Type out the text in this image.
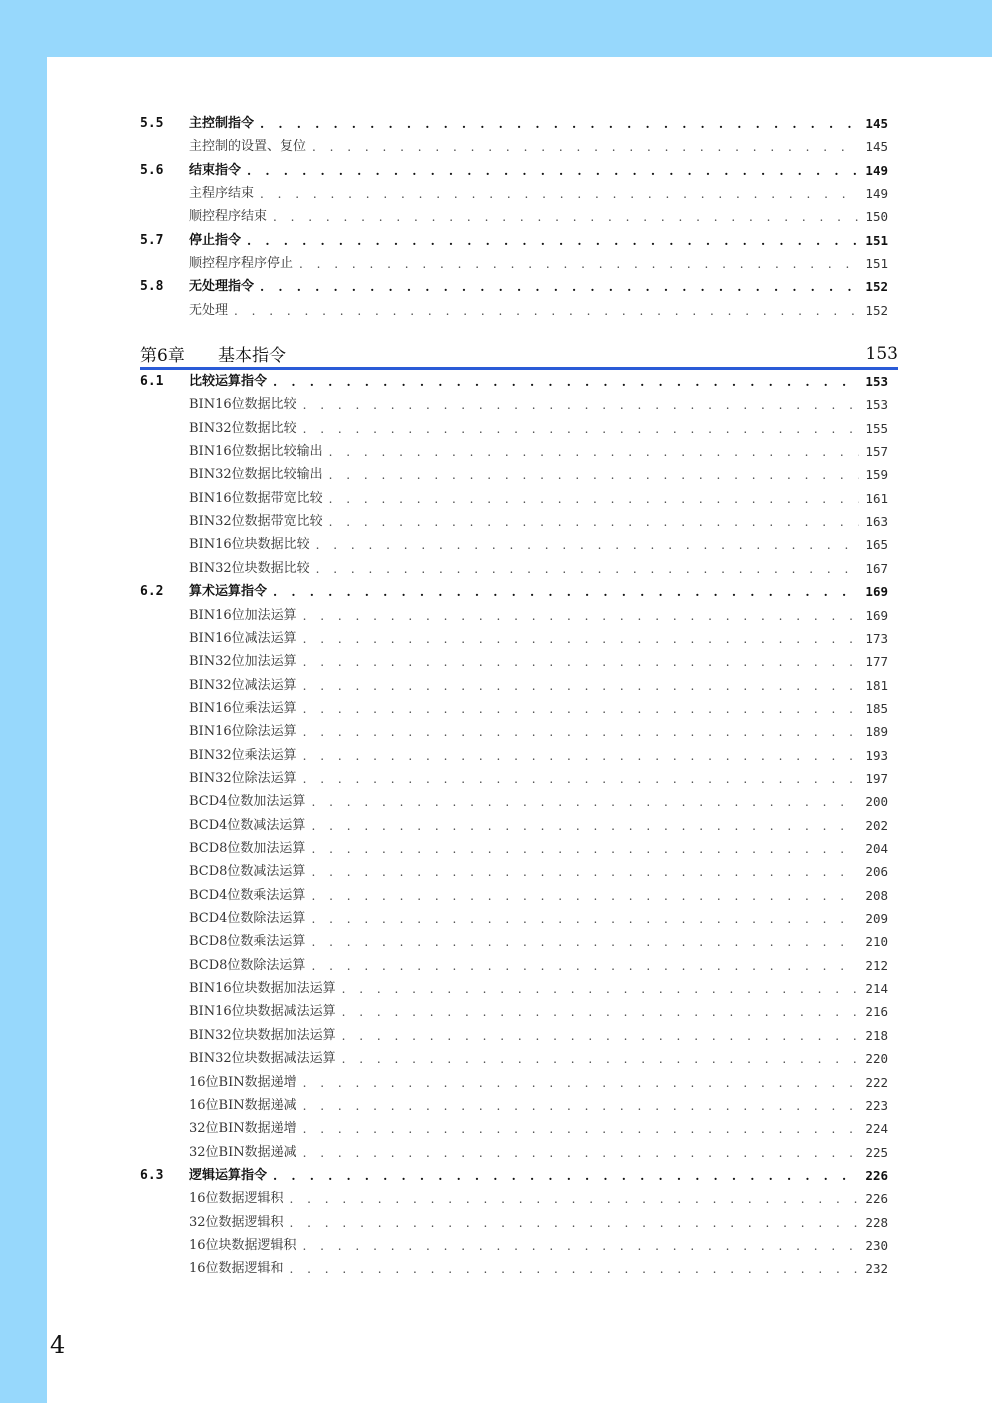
第6章	基本指令	153
5.5	主控制指令 . . .	145
主控制的设置、复位 . . .	145
5.6	结束指令 . . .	149
主程序结束 . . .	149
顺控程序结束 . . .	150
5.7	停止指令 . . .	151
顺控程序程序停止 . . .	151
5.8	无处理指令 . . .	152
无处理 . . .	152
6.1	比较运算指令 . . .	153
BIN16位数据比较 . . .	153
BIN32位数据比较 . . .	155
BIN16位数据比较输出 . . .	157
BIN32位数据比较输出 . . .	159
BIN16位数据带宽比较 . . .	161
BIN32位数据带宽比较 . . .	163
BIN16位块数据比较 . . .	165
BIN32位块数据比较 . . .	167
6.2	算术运算指令 . . .	169
BIN16位加法运算 . . .	169
BIN16位减法运算 . . .	173
BIN32位加法运算 . . .	177
BIN32位减法运算 . . .	181
BIN16位乘法运算 . . .	185
BIN16位除法运算 . . .	189
BIN32位乘法运算 . . .	193
BIN32位除法运算 . . .	197
BCD4位数加法运算 . . .	200
BCD4位数减法运算 . . .	202
BCD8位数加法运算 . . .	204
BCD8位数减法运算 . . .	206
BCD4位数乘法运算 . . .	208
BCD4位数除法运算 . . .	209
BCD8位数乘法运算 . . .	210
BCD8位数除法运算 . . .	212
BIN16位块数据加法运算 . . .	214
BIN16位块数据减法运算 . . .	216
BIN32位块数据加法运算 . . .	218
BIN32位块数据减法运算 . . .	220
16位BIN数据递增 . . .	222
16位BIN数据递减 . . .	223
32位BIN数据递增 . . .	224
32位BIN数据递减 . . .	225
6.3	逻辑运算指令 . . .	226
16位数据逻辑积 . . .	226
32位数据逻辑积 . . .	228
16位块数据逻辑积 . . .	230
16位数据逻辑和 . . .	232
4
